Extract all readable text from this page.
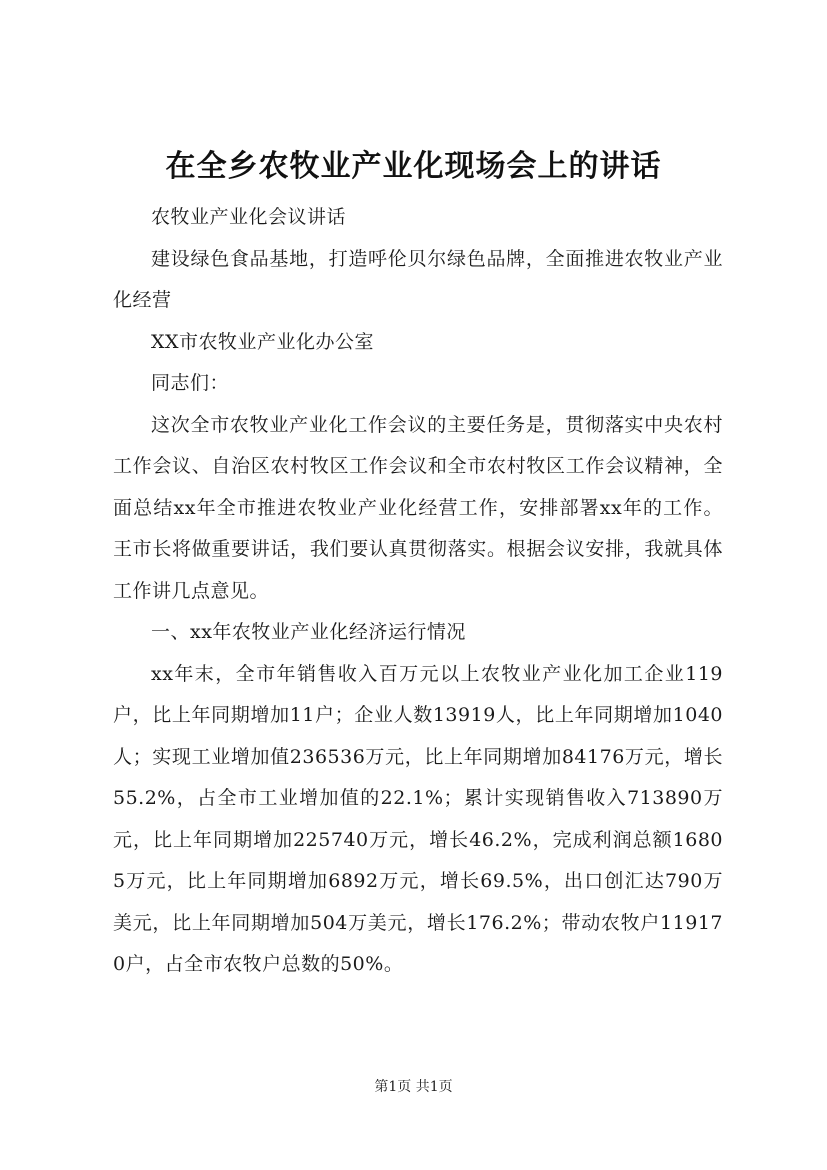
在全乡农牧业产业化现场会上的讲话

农牧业产业化会议讲话

建设绿色食品基地，打造呼伦贝尔绿色品牌，全面推进农牧业产业化经营

XX市农牧业产业化办公室

同志们：

这次全市农牧业产业化工作会议的主要任务是，贯彻落实中央农村工作会议、自治区农村牧区工作会议和全市农村牧区工作会议精神，全面总结xx年全市推进农牧业产业化经营工作，安排部署xx年的工作。王市长将做重要讲话，我们要认真贯彻落实。根据会议安排，我就具体工作讲几点意见。

一、xx年农牧业产业化经济运行情况

xx年末，全市年销售收入百万元以上农牧业产业化加工企业119户，比上年同期增加11户；企业人数13919人，比上年同期增加1040人；实现工业增加值236536万元，比上年同期增加84176万元，增长55.2%，占全市工业增加值的22.1%；累计实现销售收入713890万元，比上年同期增加225740万元，增长46.2%，完成利润总额16805万元，比上年同期增加6892万元，增长69.5%，出口创汇达790万美元，比上年同期增加504万美元，增长176.2%；带动农牧户119170户，占全市农牧户总数的50%。

第1页 共1页
